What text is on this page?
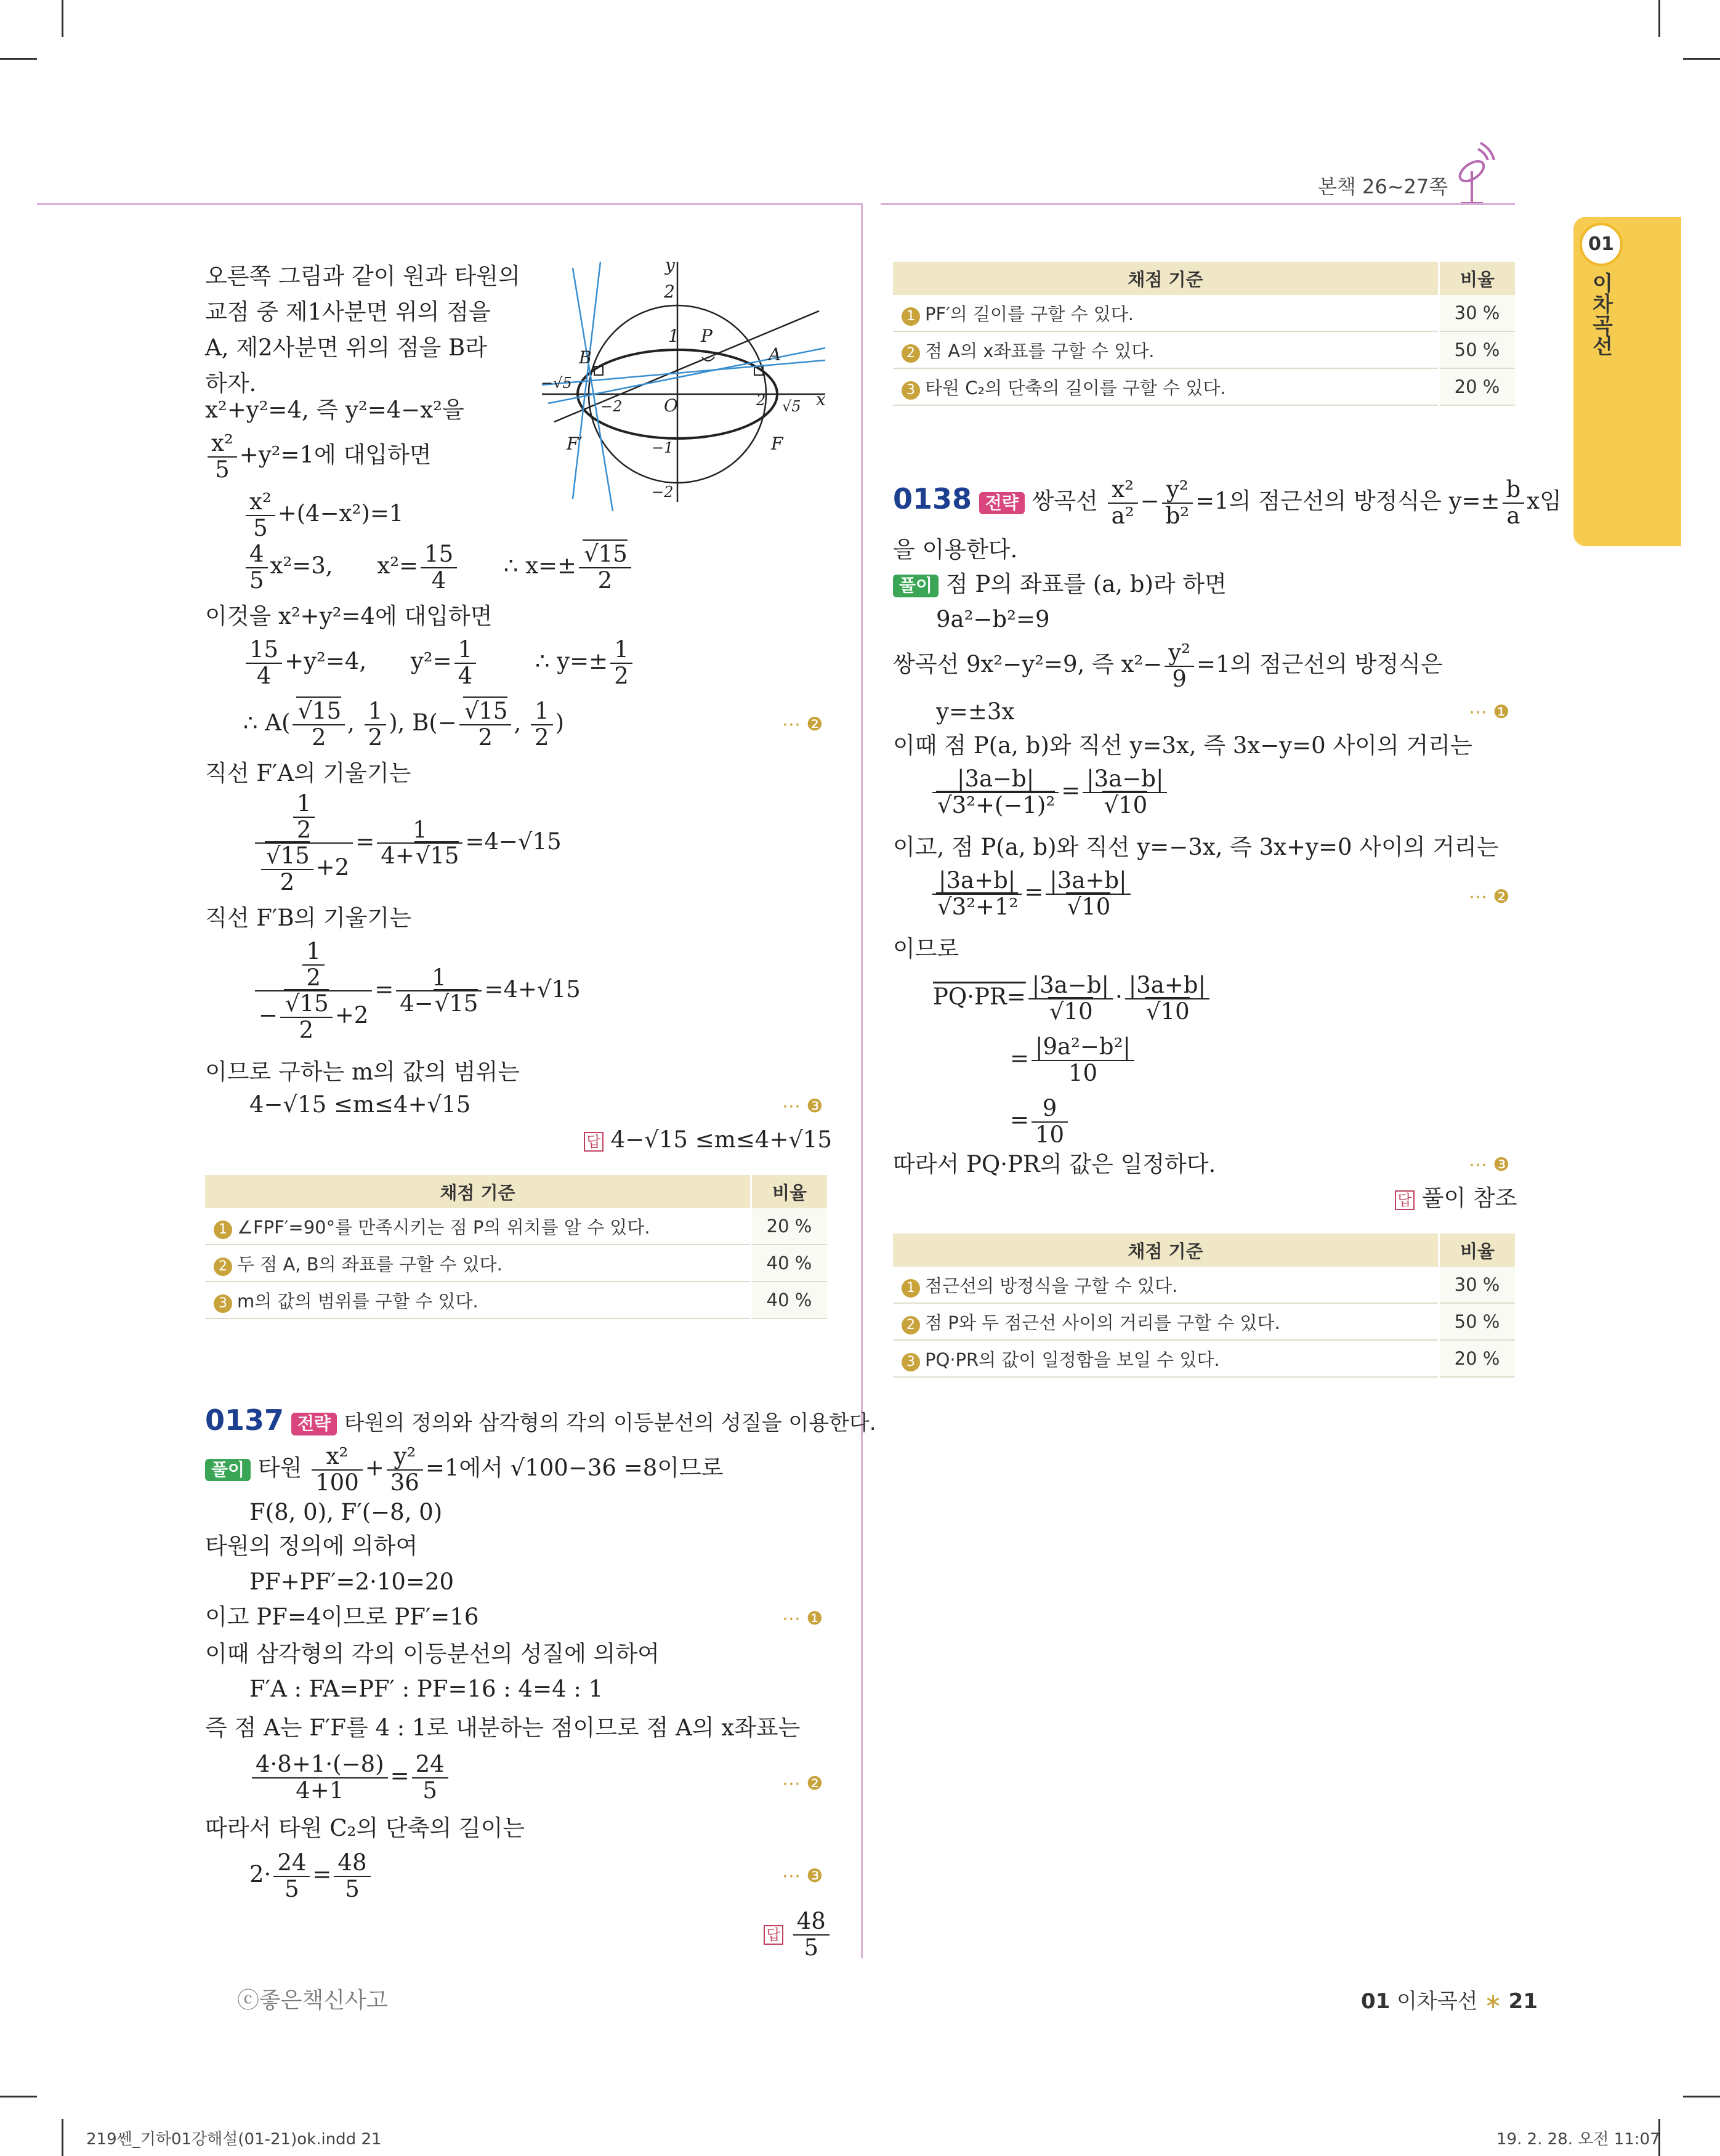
본책 26~27쪽
01
이차곡선
오른쪽 그림과 같이 원과 타원의
교점 중 제1사분면 위의 점을
A, 제2사분면 위의 점을 B라
하자.
y
2
1 P
A
B
−√5
−2 O	2 √5 x
F′	−1	F
−2
x²+y²=4, 즉 y²=4−x²을
$\frac{\text{x²}}{5} +y^2=1$에 대입하면
$\frac{\text{x²}}{5} +(4-x^2)=1$
$\frac{4}{5} x^2=3$, $x^2= \frac{15}{4}$ ∴ x=± √ $\frac{15}{2}$
이것을 x²+y²=4에 대입하면
$\frac{15}{4} +y^2=4$, $y^2= \frac{1}{4}$	∴ $y=\pm \frac{1}{2}$
∴ A( √ $\frac{15}{2}$ , $\frac{1}{2}$ ), B(− √ $\frac{15}{2}$ , $\frac{1}{2}$ )	⋯ ❷
직선 F′A의 기울기는
$\frac{1}{2}$
√ $\frac{15}{2} +2 = \frac{1}{4+ √ 15} =4-√15$
직선 F′B의 기울기는
$\frac{\frac{1}{2}}{- √ \frac{15}{2} +2} = \frac{1}{4- √ 15} =4+√15$
이므로 구하는 m의 값의 범위는
4−√15 ≤m≤4+√15	⋯ ❸
답 4−√15 ≤m≤4+√15
채점 기준	비율
1 ∠FPF′=90°를 만족시키는 점 P의 위치를 알 수 있다.	20 %
2 두 점 A, B의 좌표를 구할 수 있다.	40 %
3 m의 값의 범위를 구할 수 있다.	40 %
0137 전략 타원의 정의와 삼각형의 각의 이등분선의 성질을 이용한다.
풀이 타원 $\frac{\text{x²}}{100} + \frac{\text{y²}}{36} =1$에서 √100−36 =8이므로
F(8, 0), F′(−8, 0)
타원의 정의에 의하여
PF+PF′=2·10=20
이고 PF=4이므로 PF′=16	⋯ ❶
이때 삼각형의 각의 이등분선의 성질에 의하여
F′A : FA=PF′ : PF=16 : 4=4 : 1
즉 점 A는 F′F를 4 : 1로 내분하는 점이므로 점 A의 x좌표는
$\frac{4\cdot 8+1\cdot(-8)}{4+1} = \frac{24}{5}$	⋯ ❷
따라서 타원 C₂의 단축의 길이는
$2\cdot \frac{24}{5} = \frac{48}{5}$	⋯ ❸
답 $\frac{48}{5}$
채점 기준	비율
1 PF′의 길이를 구할 수 있다.	30 %
2 점 A의 x좌표를 구할 수 있다.	50 %
3 타원 C₂의 단축의 길이를 구할 수 있다.	20 %
0138 전략 쌍곡선 $\frac{\text{x²}}{\text{a²}} - \frac{\text{y²}}{\text{b²}} =1$의 점근선의 방정식은 $y=\pm \frac{b}{a}$ x임
을 이용한다.
풀이 점 P의 좌표를 (a, b)라 하면
9a²−b²=9
쌍곡선 9x²−y²=9, 즉 $x^2- \frac{\text{y²}}{9} =1$의 점근선의 방정식은
y=±3x	⋯ ❶
이때 점 P(a, b)와 직선 y=3x, 즉 3x−y=0 사이의 거리는
|3a−b|
√ 3²+(−1)² = |3a−b|
√ 10
이고, 점 P(a, b)와 직선 y=−3x, 즉 3x+y=0 사이의 거리는
|3a+b|
√ 3²+1² = |3a+b|
√ 10	⋯ ❷
이므로
PQ·PR= |3a−b|
√ 10 · |3a+b|
√ 10
= $\frac{\text{|9a²−b²|}}{10}$
= $\frac{9}{10}$
따라서 PQ·PR의 값은 일정하다.	⋯ ❸
답 풀이 참조
채점 기준	비율
1 점근선의 방정식을 구할 수 있다.	30 %
2 점 P와 두 점근선 사이의 거리를 구할 수 있다.	50 %
3 PQ·PR의 값이 일정함을 보일 수 있다.	20 %
ⓒ좋은책신사고	01 이차곡선 ∗ 21
219쎈_기하01강해설(01-21)ok.indd 21	19. 2. 28. 오전 11:07
